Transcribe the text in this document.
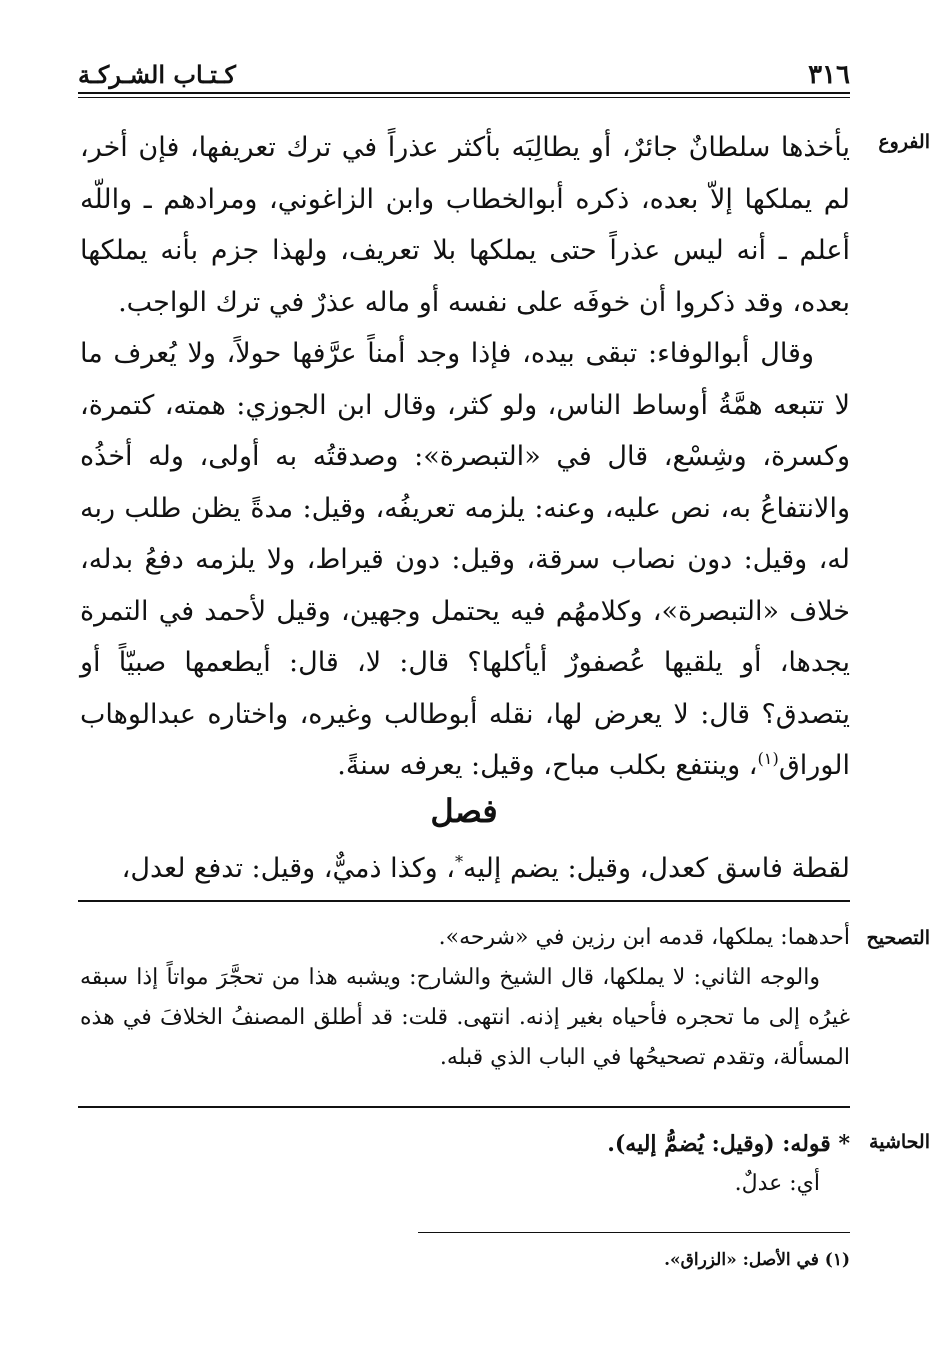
٣١٦
كـتـاب الشـركـة
الفروع

يأخذها سلطانٌ جائرٌ، أو يطالِبَه بأكثر عذراً في ترك تعريفها، فإن أخر، لم يملكها إلاّ بعده، ذكره أبوالخطاب وابن الزاغوني، ومرادهم ـ واللّه أعلم ـ أنه ليس عذراً حتى يملكها بلا تعريف، ولهذا جزم بأنه يملكها بعده، وقد ذكروا أن خوفَه على نفسه أو ماله عذرٌ في ترك الواجب.

وقال أبوالوفاء: تبقى بيده، فإذا وجد أمناً عرَّفها حولاً، ولا يُعرف ما لا تتبعه همَّةُ أوساط الناس، ولو كثر، وقال ابن الجوزي: همته، كتمرة، وكسرة، وشِسْع، قال في «التبصرة»: وصدقتُه به أولى، وله أخذُه والانتفاعُ به، نص عليه، وعنه: يلزمه تعريفُه، وقيل: مدةً يظن طلب ربه له، وقيل: دون نصاب سرقة، وقيل: دون قيراط، ولا يلزمه دفعُ بدله، خلاف «التبصرة»، وكلامهُم فيه يحتمل وجهين، وقيل لأحمد في التمرة يجدها، أو يلقيها عُصفورٌ أيأكلها؟ قال: لا، قال: أيطعمها صبيّاً أو يتصدق؟ قال: لا يعرض لها، نقله أبوطالب وغيره، واختاره عبدالوهاب الوراق$^{(١)}$، وينتفع بكلب مباح، وقيل: يعرفه سنةً.

فصل

لقطة فاسق كعدل، وقيل: يضم إليه*، وكذا ذميٌّ، وقيل: تدفع لعدل،

التصحيح

أحدهما: يملكها، قدمه ابن رزين في «شرحه».

والوجه الثاني: لا يملكها، قال الشيخ والشارح: ويشبه هذا من تحجَّرَ مواتاً إذا سبقه غيرُه إلى ما تحجره فأحياه بغير إذنه. انتهى. قلت: قد أطلق المصنفُ الخلافَ في هذه المسألة، وتقدم تصحيحُها في الباب الذي قبله.

الحاشية

* قوله: (وقيل: يُضمُّ إليه).

أي: عدلٌ.

(١) في الأصل: «الزراق».
